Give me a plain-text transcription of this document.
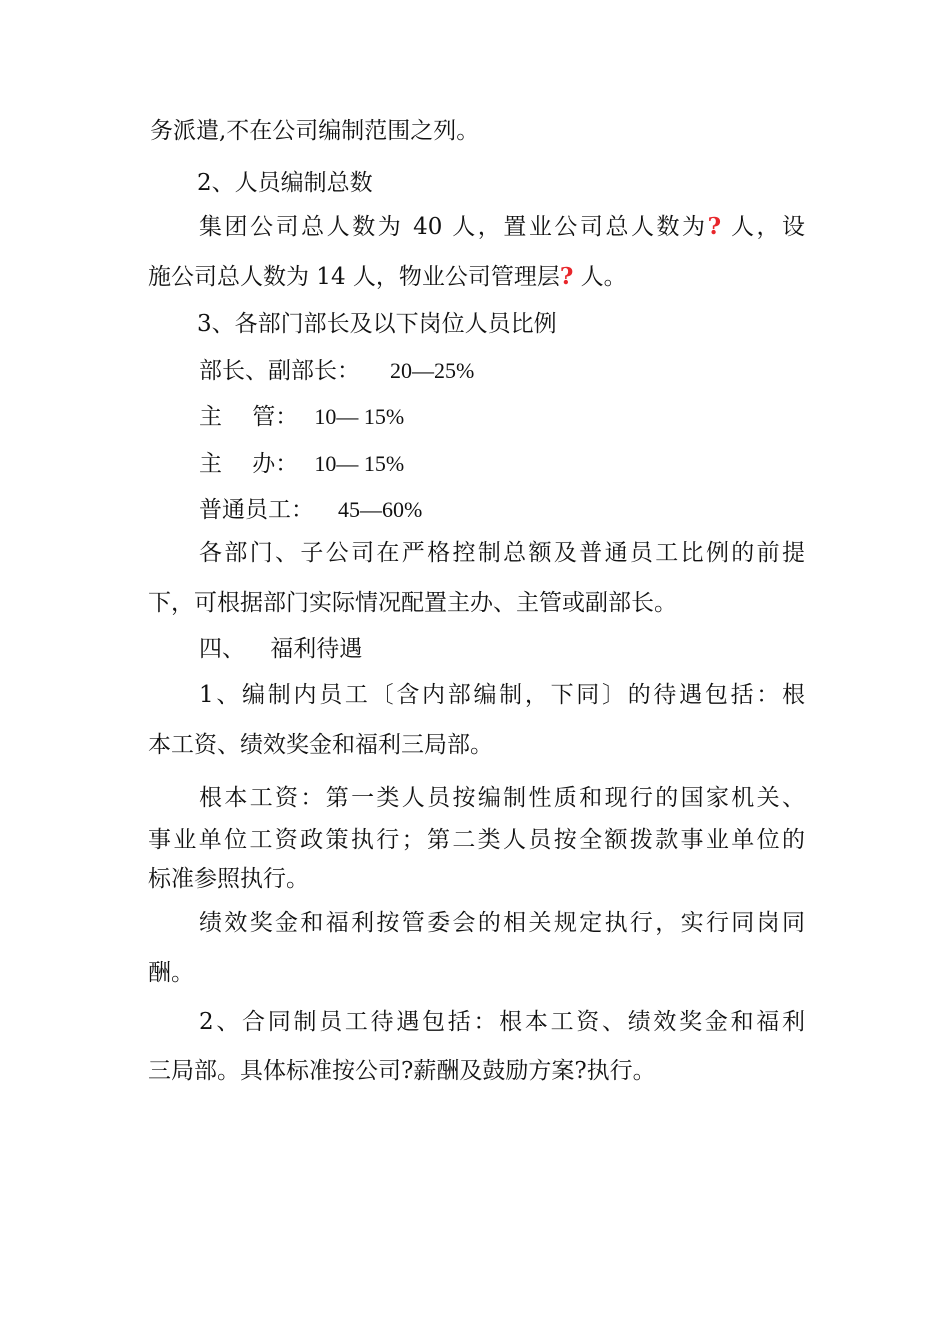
务派遣,不在公司编制范围之列。

2、人员编制总数

集团公司总人数为 40 人，置业公司总人数为? 人，设

施公司总人数为 14 人，物业公司管理层? 人。

3、各部门部长及以下岗位人员比例

部长、副部长： 20—25%

主　 管： 10— 15%

主　 办： 10— 15%

普通员工： 45—60%

各部门、子公司在严格控制总额及普通员工比例的前提

下，可根据部门实际情况配置主办、主管或副部长。

四、 福利待遇

1、编制内员工〔含内部编制，下同〕的待遇包括：根

本工资、绩效奖金和福利三局部。

根本工资：第一类人员按编制性质和现行的国家机关、

事业单位工资政策执行；第二类人员按全额拨款事业单位的

标准参照执行。

绩效奖金和福利按管委会的相关规定执行，实行同岗同

酬。

2、合同制员工待遇包括：根本工资、绩效奖金和福利

三局部。具体标准按公司?薪酬及鼓励方案?执行。
